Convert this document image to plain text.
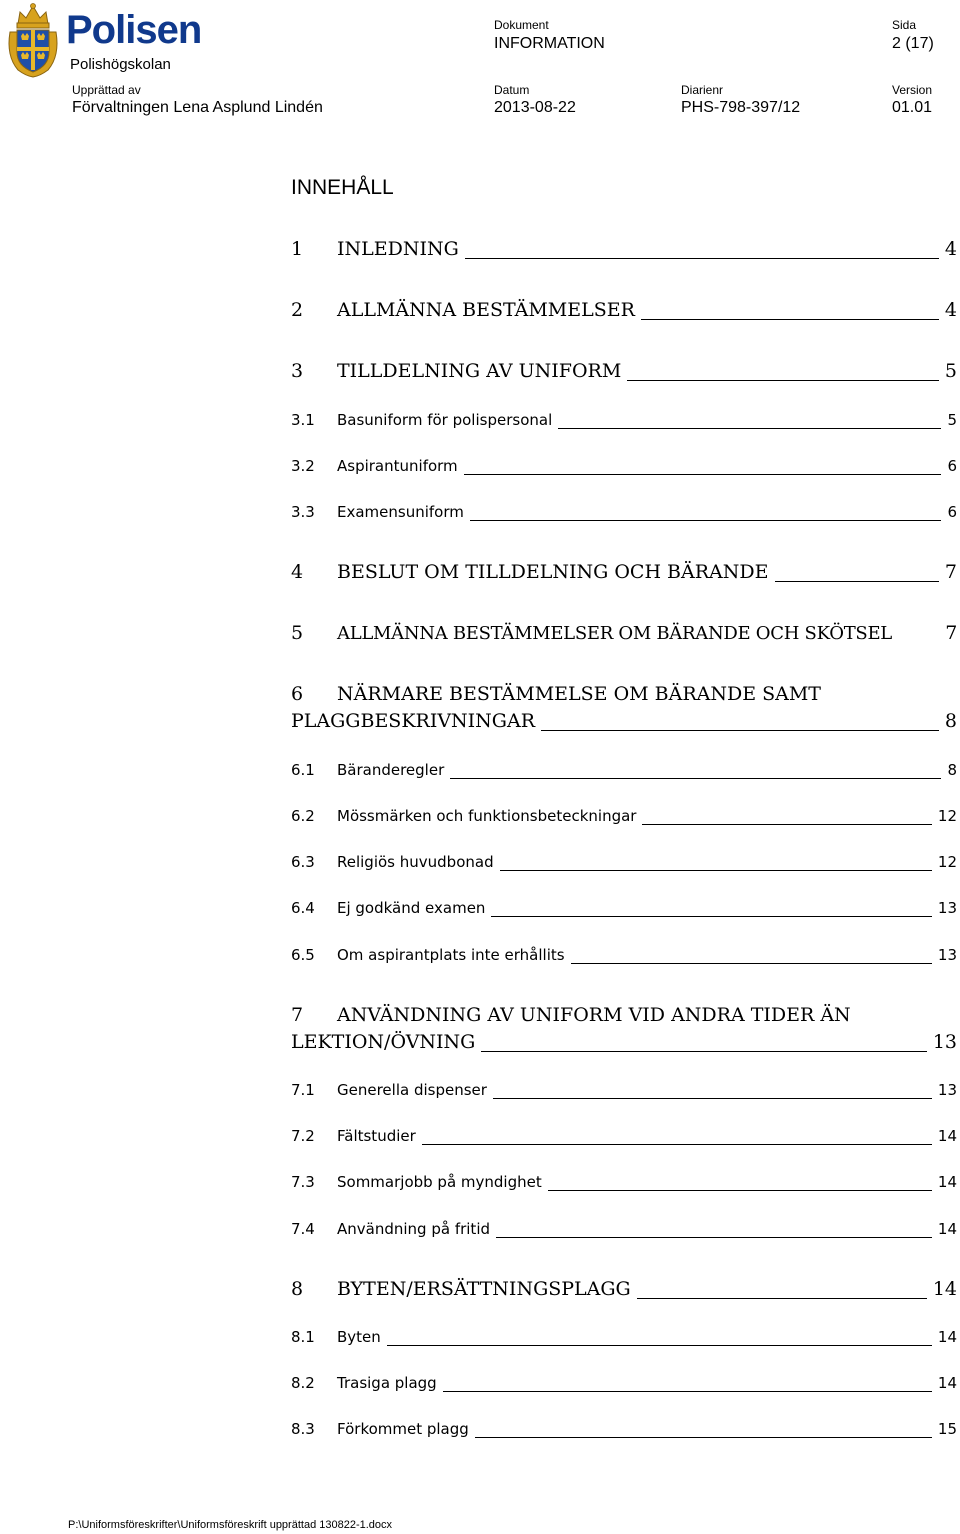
Polisen
Polishögskolan
Dokument
INFORMATION
Sida
2 (17)
Upprättad av
Förvaltningen Lena Asplund Lindén
Datum
2013-08-22
Diarienr
PHS-798-397/12
Version
01.01
INNEHÅLL
1	INLEDNING	4
2	ALLMÄNNA BESTÄMMELSER	4
3	TILLDELNING AV UNIFORM	5
3.1	Basuniform för polispersonal	5
3.2	Aspirantuniform	6
3.3	Examensuniform	6
4	BESLUT OM TILLDELNING OCH BÄRANDE	7
5	ALLMÄNNA BESTÄMMELSER OM BÄRANDE OCH SKÖTSEL	7
6 NÄRMARE BESTÄMMELSE OM BÄRANDE SAMT
PLAGGBESKRIVNINGAR	8
6.1	Bäranderegler	8
6.2	Mössmärken och funktionsbeteckningar	12
6.3	Religiös huvudbonad	12
6.4	Ej godkänd examen	13
6.5	Om aspirantplats inte erhållits	13
7 ANVÄNDNING AV UNIFORM VID ANDRA TIDER ÄN
LEKTION/ÖVNING	13
7.1	Generella dispenser	13
7.2	Fältstudier	14
7.3	Sommarjobb på myndighet	14
7.4	Användning på fritid	14
8	BYTEN/ERSÄTTNINGSPLAGG	14
8.1	Byten	14
8.2	Trasiga plagg	14
8.3	Förkommet plagg	15
P:\Uniformsföreskrifter\Uniformsföreskrift upprättad 130822-1.docx
